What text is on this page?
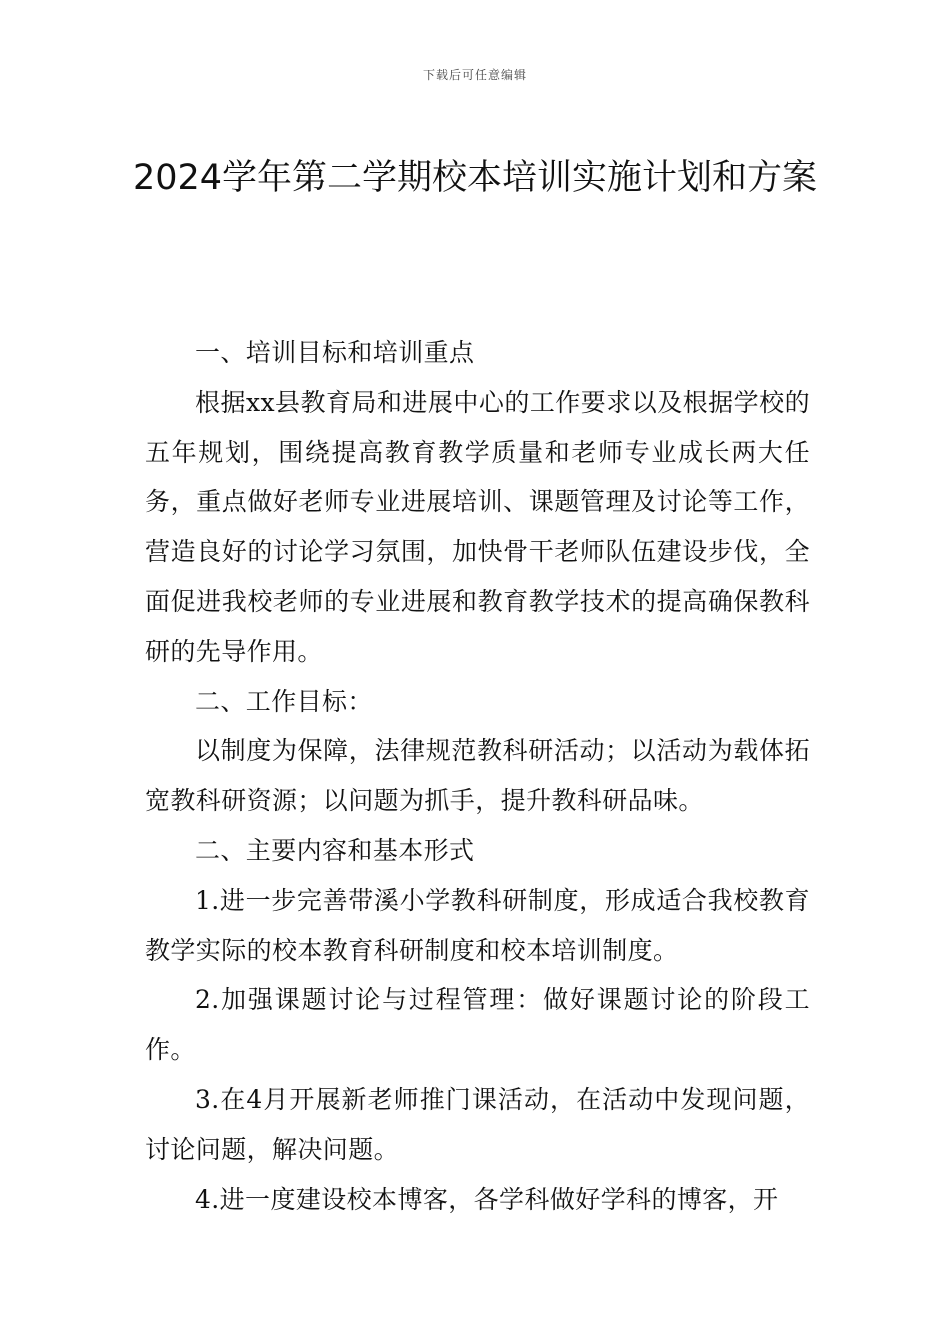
下载后可任意编辑
2024学年第二学期校本培训实施计划和方案

一、培训目标和培训重点

根据xx县教育局和进展中心的工作要求以及根据学校的五年规划，围绕提高教育教学质量和老师专业成长两大任务，重点做好老师专业进展培训、课题管理及讨论等工作，营造良好的讨论学习氛围，加快骨干老师队伍建设步伐，全面促进我校老师的专业进展和教育教学技术的提高确保教科研的先导作用。

二、工作目标：

以制度为保障，法律规范教科研活动；以活动为载体拓宽教科研资源；以问题为抓手，提升教科研品味。

二、主要内容和基本形式

1.进一步完善带溪小学教科研制度，形成适合我校教育教学实际的校本教育科研制度和校本培训制度。

2.加强课题讨论与过程管理：做好课题讨论的阶段工作。

3.在4月开展新老师推门课活动，在活动中发现问题，讨论问题，解决问题。

4.进一度建设校本博客，各学科做好学科的博客，开
